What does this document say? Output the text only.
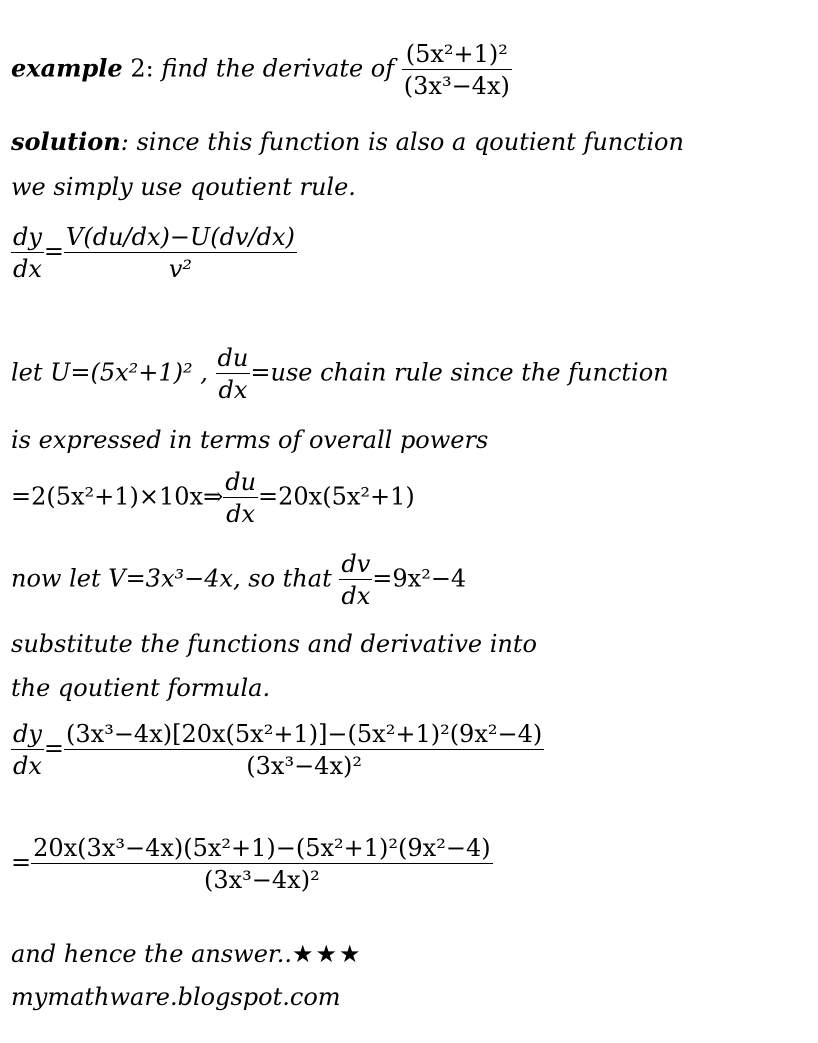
example 2: find the derivate of $\frac{\text{(5x²+1)²}}{\text{(3x³−4x)}}$
solution: since this function is also a qoutient function
we simply use qoutient rule.
$\frac{dy}{dx} = \frac{V(du/dx)-U(dv/dx)}{\text{v²}}$
let U=(5x²+1)² , $\frac{du}{dx} =use$ chain rule since the function
is expressed in terms of overall powers
=2(5x²+1)×10x⇒ $\frac{du}{dx} =20x(5x^2+1)$
now let V=3x³−4x, so that $\frac{dv}{dx} =9x^2-4$
substitute the functions and derivative into
the qoutient formula.
$\frac{dy}{dx} = \frac{\text{(3x³−4x)[20x(5x²+1)]−(5x²+1)²(9x²−4)}}{\text{(3x³−4x)²}}$
= $\frac{\text{20x(3x³−4x)(5x²+1)−(5x²+1)²(9x²−4)}}{\text{(3x³−4x)²}}$
and hence the answer..★★★
mymathware.blogspot.com
